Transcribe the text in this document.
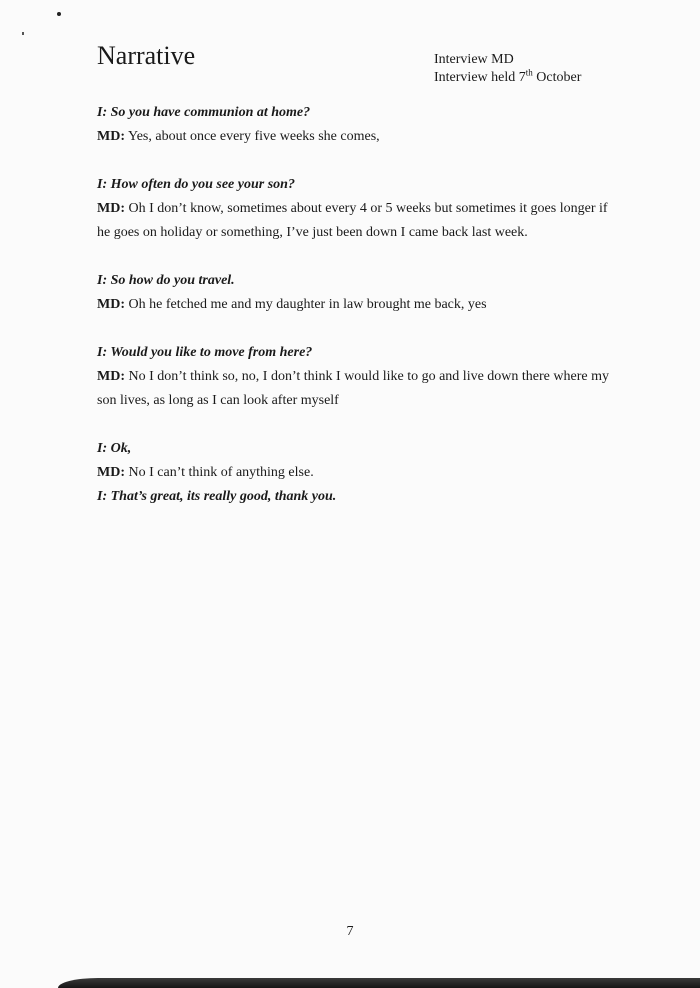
Narrative	Interview MD
Interview held 7th October
I: So you have communion at home?
MD: Yes, about once every five weeks she comes,
I: How often do you see your son?
MD: Oh I don’t know, sometimes about every 4 or 5 weeks but sometimes it goes longer if he goes on holiday or something, I’ve just been down I came back last week.
I: So how do you travel.
MD: Oh he fetched me and my daughter in law brought me back, yes
I: Would you like to move from here?
MD: No I don’t think so, no, I don’t think I would like to go and live down there where my son lives, as long as I can look after myself
I: Ok,
MD: No I can’t think of anything else.
I: That’s great, its really good, thank you.
7
